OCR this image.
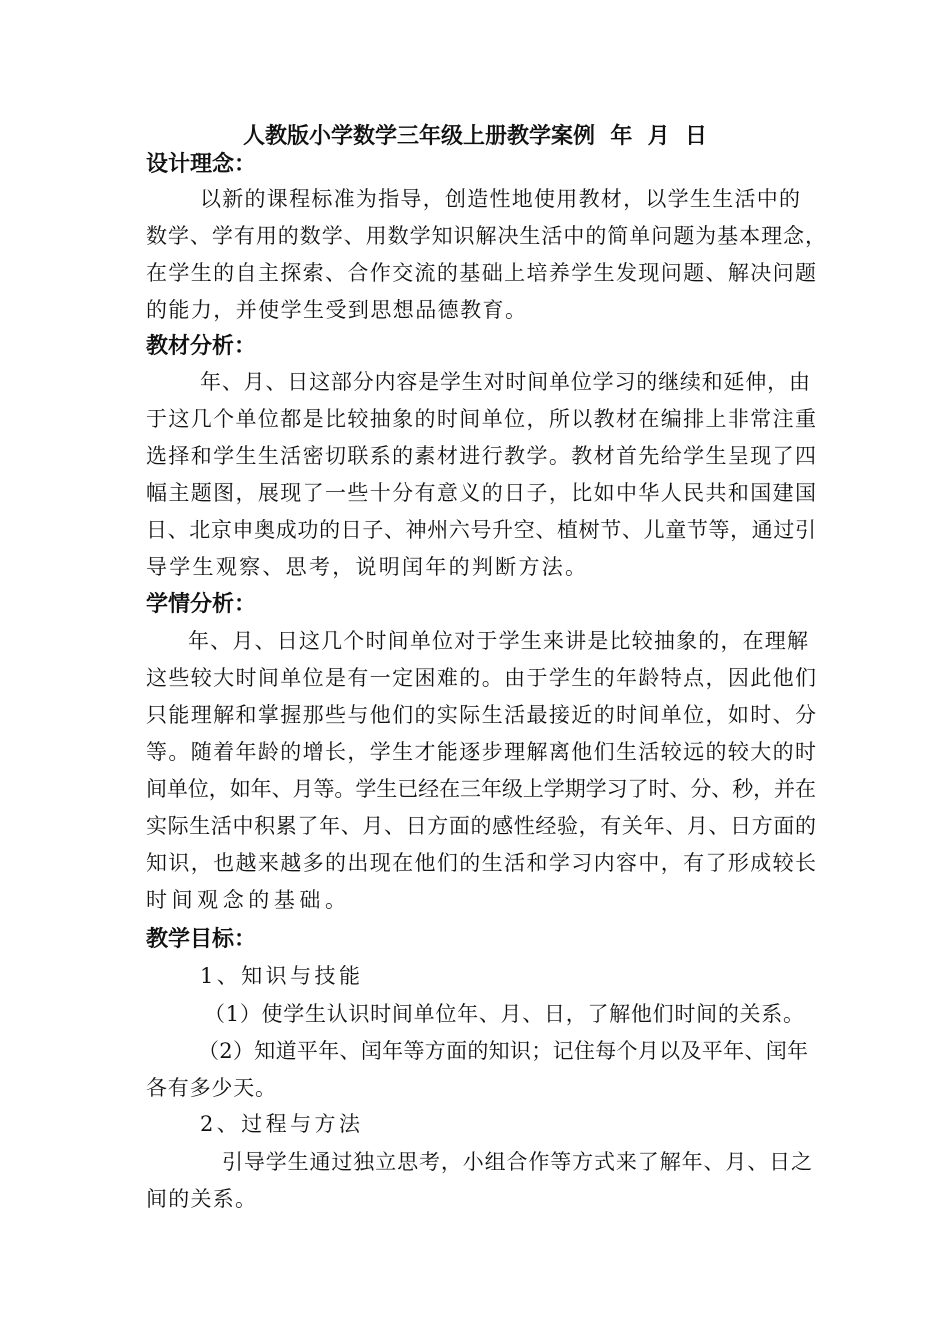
人教版小学数学三年级上册教学案例  年  月  日
设计理念：
以新的课程标准为指导，创造性地使用教材，以学生生活中的
数学、学有用的数学、用数学知识解决生活中的简单问题为基本理念，
在学生的自主探索、合作交流的基础上培养学生发现问题、解决问题
的能力，并使学生受到思想品德教育。
教材分析：
年、月、日这部分内容是学生对时间单位学习的继续和延伸，由
于这几个单位都是比较抽象的时间单位，所以教材在编排上非常注重
选择和学生生活密切联系的素材进行教学。教材首先给学生呈现了四
幅主题图，展现了一些十分有意义的日子，比如中华人民共和国建国
日、北京申奥成功的日子、神州六号升空、植树节、儿童节等，通过引
导学生观察、思考，说明闰年的判断方法。
学情分析：
年、月、日这几个时间单位对于学生来讲是比较抽象的，在理解
这些较大时间单位是有一定困难的。由于学生的年龄特点，因此他们
只能理解和掌握那些与他们的实际生活最接近的时间单位，如时、分
等。随着年龄的增长，学生才能逐步理解离他们生活较远的较大的时
间单位，如年、月等。学生已经在三年级上学期学习了时、分、秒，并在
实际生活中积累了年、月、日方面的感性经验，有关年、月、日方面的
知识，也越来越多的出现在他们的生活和学习内容中，有了形成较长
时间观念的基础。
教学目标：
1、知识与技能
（1）使学生认识时间单位年、月、日，了解他们时间的关系。
（2）知道平年、闰年等方面的知识；记住每个月以及平年、闰年
各有多少天。
2、过程与方法
引导学生通过独立思考，小组合作等方式来了解年、月、日之
间的关系。
